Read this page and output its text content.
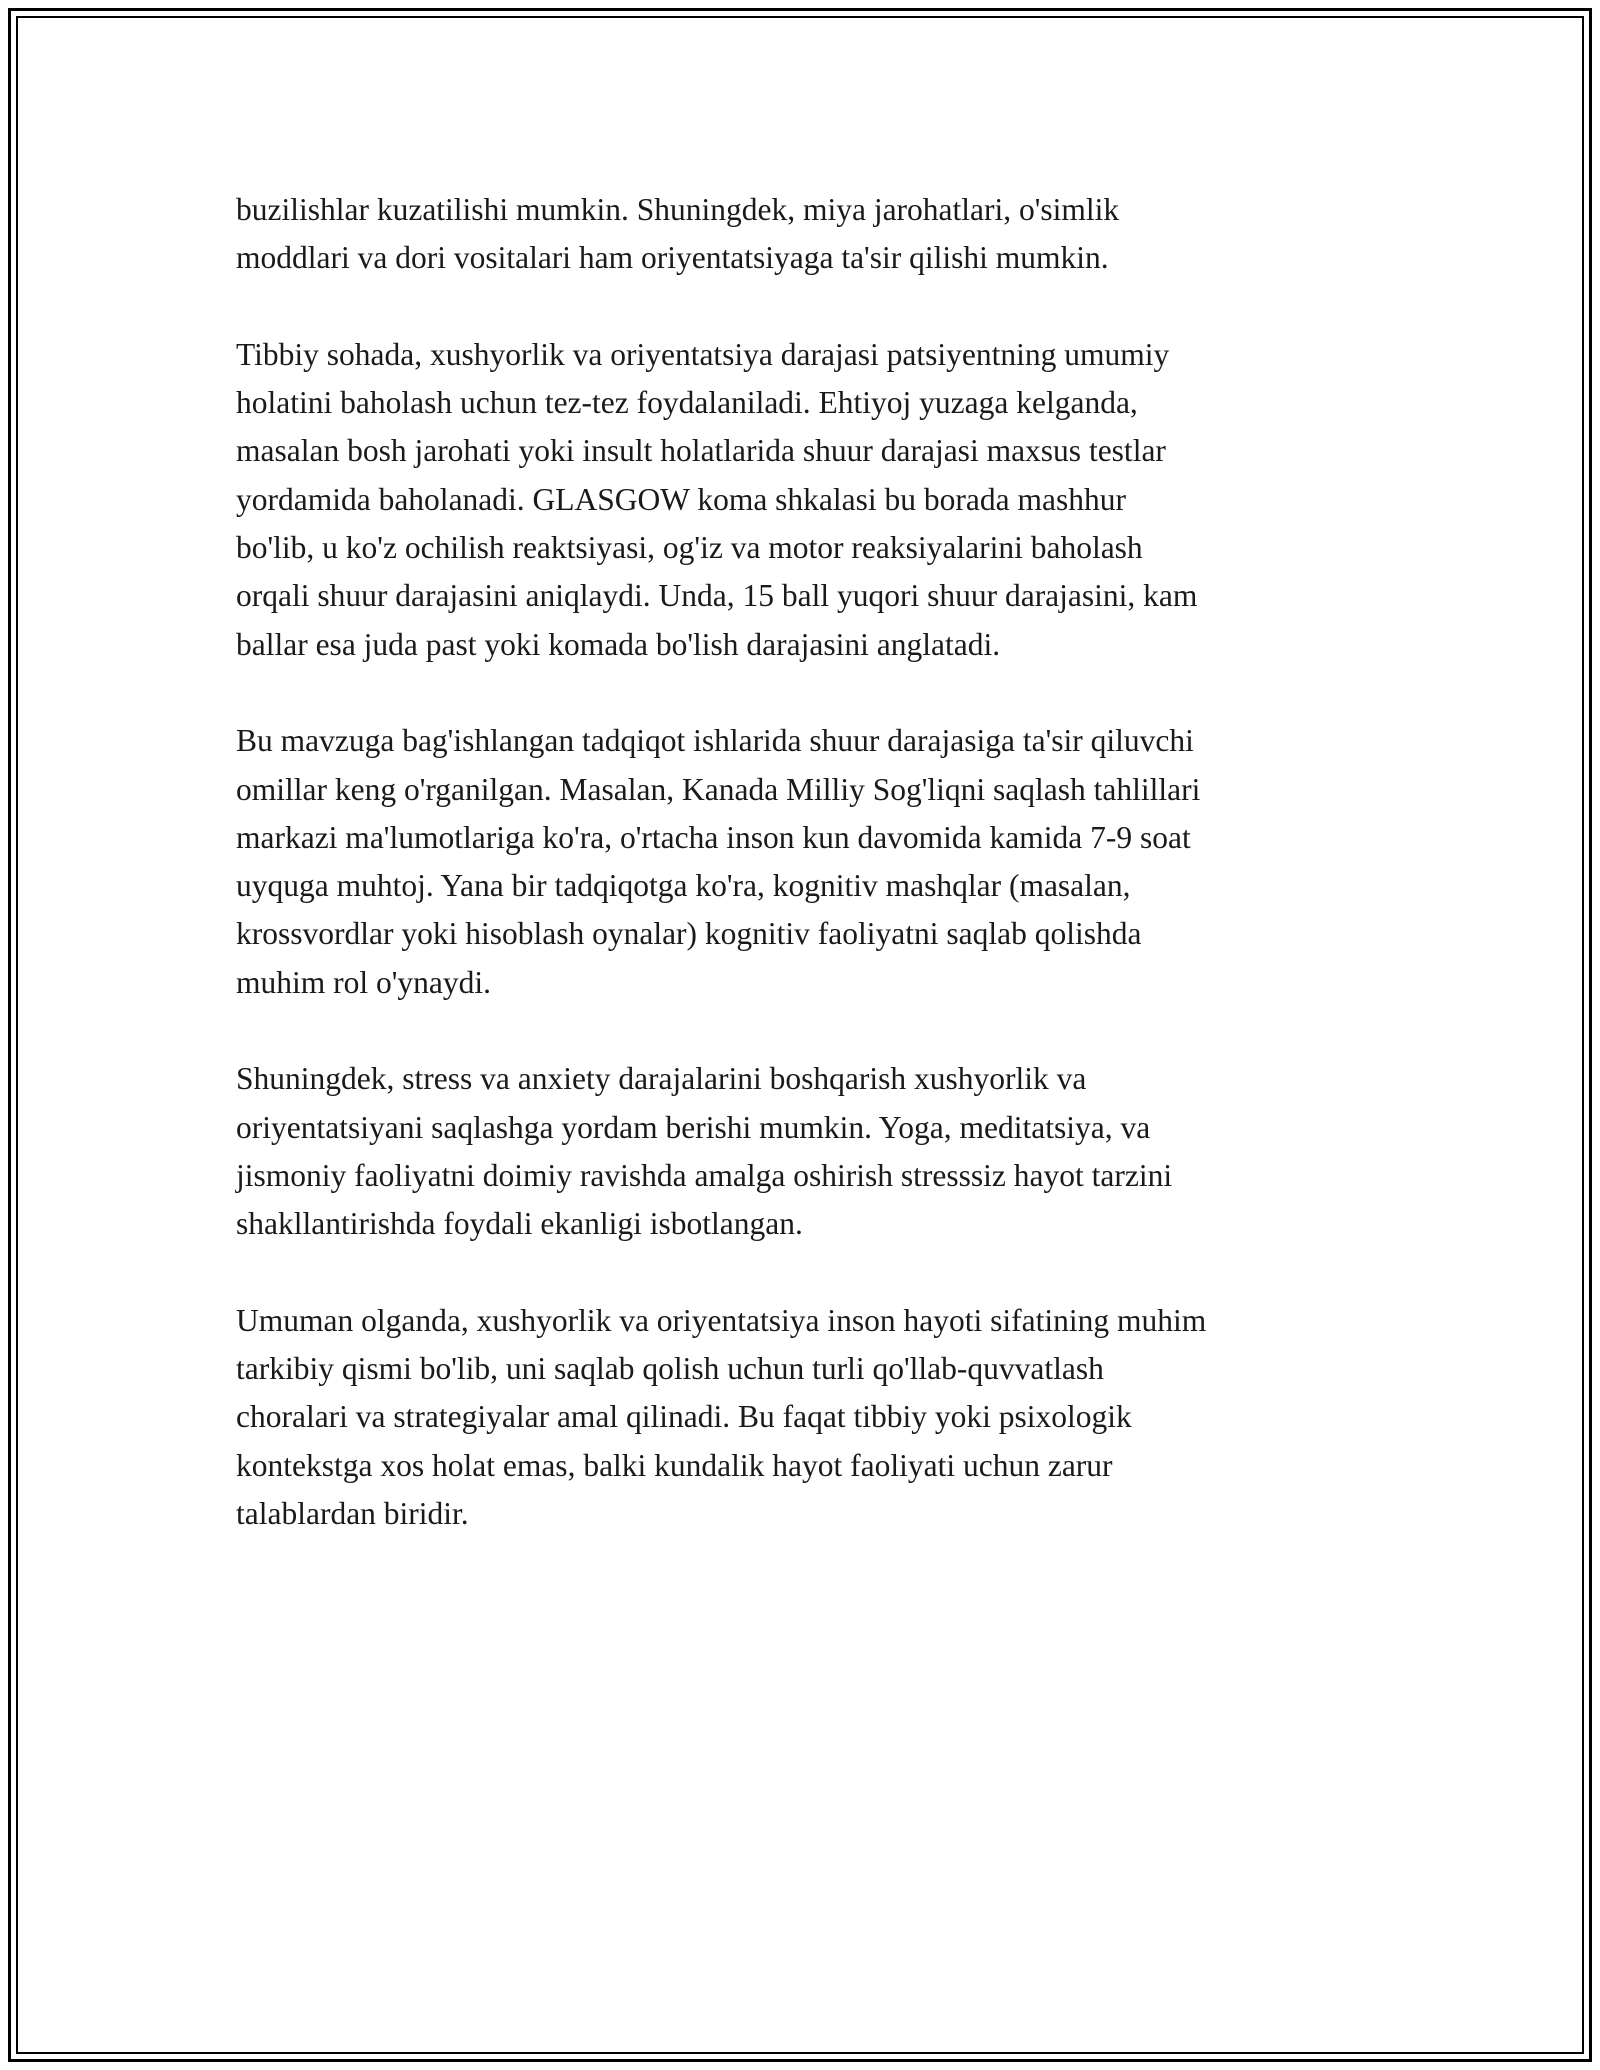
buzilishlar kuzatilishi mumkin. Shuningdek, miya jarohatlari, o'simlik
moddlari va dori vositalari ham oriyentatsiyaga ta'sir qilishi mumkin.

Tibbiy sohada, xushyorlik va oriyentatsiya darajasi patsiyentning umumiy
holatini baholash uchun tez-tez foydalaniladi. Ehtiyoj yuzaga kelganda,
masalan bosh jarohati yoki insult holatlarida shuur darajasi maxsus testlar
yordamida baholanadi. GLASGOW koma shkalasi bu borada mashhur
bo'lib, u ko'z ochilish reaktsiyasi, og'iz va motor reaksiyalarini baholash
orqali shuur darajasini aniqlaydi. Unda, 15 ball yuqori shuur darajasini, kam
ballar esa juda past yoki komada bo'lish darajasini anglatadi.

Bu mavzuga bag'ishlangan tadqiqot ishlarida shuur darajasiga ta'sir qiluvchi
omillar keng o'rganilgan. Masalan, Kanada Milliy Sog'liqni saqlash tahlillari
markazi ma'lumotlariga ko'ra, o'rtacha inson kun davomida kamida 7-9 soat
uyquga muhtoj. Yana bir tadqiqotga ko'ra, kognitiv mashqlar (masalan,
krossvordlar yoki hisoblash oynalar) kognitiv faoliyatni saqlab qolishda
muhim rol o'ynaydi.

Shuningdek, stress va anxiety darajalarini boshqarish xushyorlik va
oriyentatsiyani saqlashga yordam berishi mumkin. Yoga, meditatsiya, va
jismoniy faoliyatni doimiy ravishda amalga oshirish stresssiz hayot tarzini
shakllantirishda foydali ekanligi isbotlangan.

Umuman olganda, xushyorlik va oriyentatsiya inson hayoti sifatining muhim
tarkibiy qismi bo'lib, uni saqlab qolish uchun turli qo'llab-quvvatlash
choralari va strategiyalar amal qilinadi. Bu faqat tibbiy yoki psixologik
kontekstga xos holat emas, balki kundalik hayot faoliyati uchun zarur
talablardan biridir.
